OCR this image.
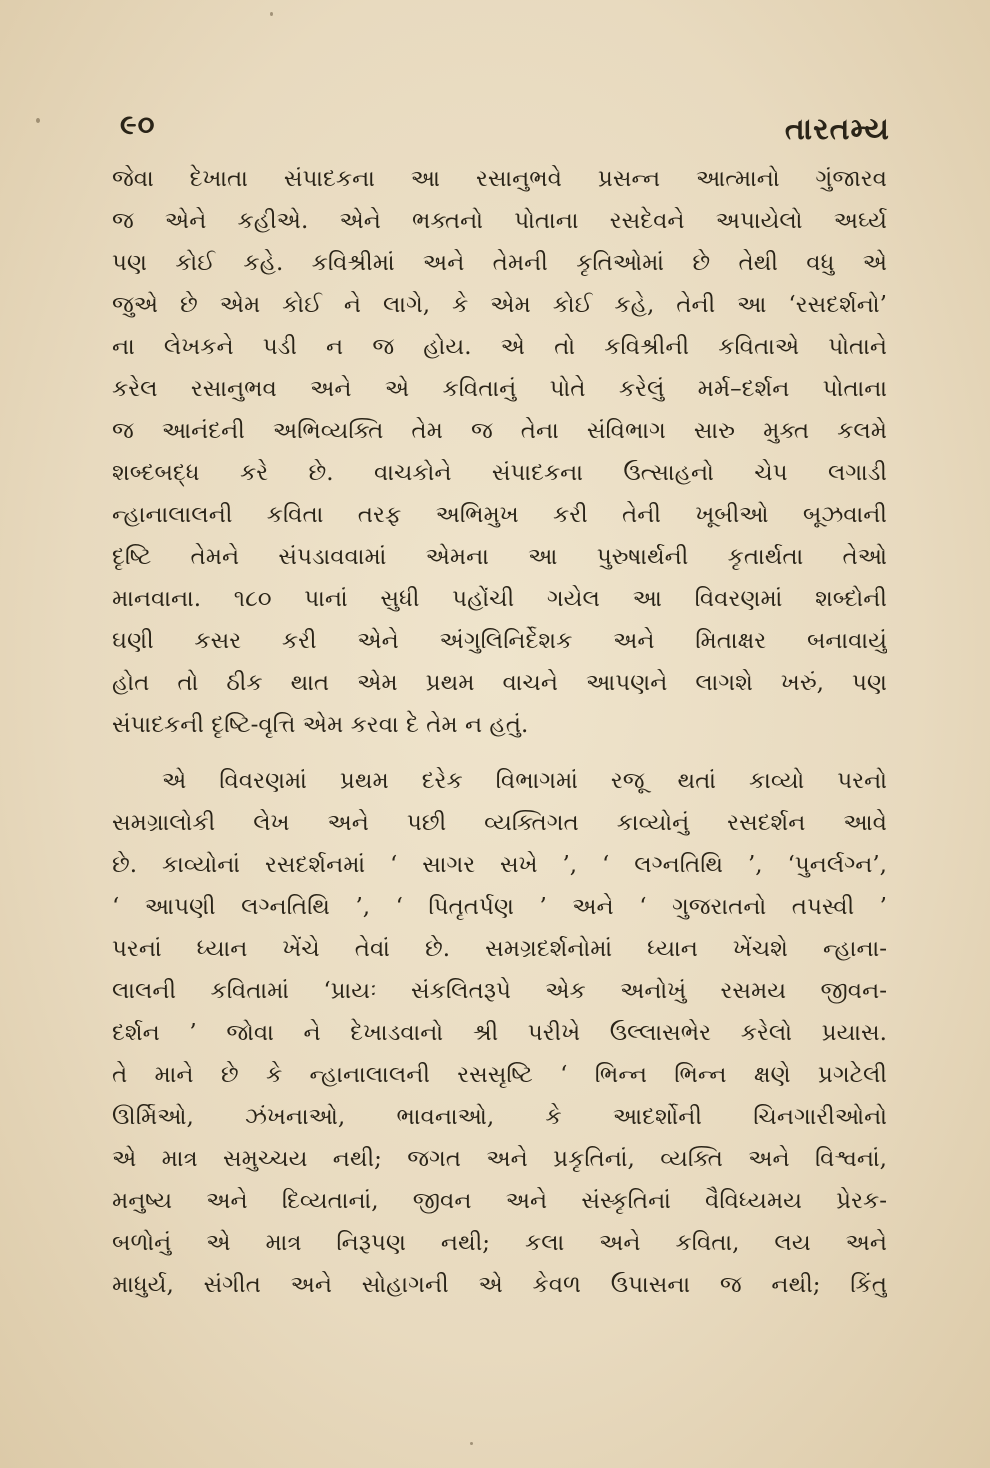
૯૦	તારતમ્ય

જેવા દેખાતા સંપાદકના આ રસાનુભવે પ્રસન્ન આત્માનો ગુંજારવ
જ એને કહીએ. એને ભક્તનો પોતાના રસદેવને અપાયેલો અર્ઘ્ય
પણ કોઈ કહે. કવિશ્રીમાં અને તેમની કૃતિઓમાં છે તેથી વધુ એ
જુએ છે એમ કોઈ ને લાગે, કે એમ કોઈ કહે, તેની આ ‘રસદર્શનો’
ના લેખકને પડી ન જ હોય. એ તો કવિશ્રીની કવિતાએ પોતાને
કરેલ રસાનુભવ અને એ કવિતાનું પોતે કરેલું મર્મ–દર્શન પોતાના
જ આનંદની અભિવ્યક્તિ તેમ જ તેના સંવિભાગ સારુ મુક્ત કલમે
શબ્દબદ્ધ કરે છે. વાચકોને સંપાદકના ઉત્સાહનો ચેપ લગાડી
ન્હાનાલાલની કવિતા તરફ અભિમુખ કરી તેની ખૂબીઓ બૂઝવાની
દૃષ્ટિ તેમને સંપડાવવામાં એમના આ પુરુષાર્થની કૃતાર્થતા તેઓ
માનવાના. ૧૮૦ પાનાં સુધી પહોંચી ગયેલ આ વિવરણમાં શબ્દોની
ઘણી કસર કરી એને અંગુલિનિર્દેશક અને મિતાક્ષર બનાવાયું
હોત તો ઠીક થાત એમ પ્રથમ વાચને આપણને લાગશે ખરું, પણ
સંપાદકની દૃષ્ટિ-વૃત્તિ એમ કરવા દે તેમ ન હતું.

એ વિવરણમાં પ્રથમ દરેક વિભાગમાં રજૂ થતાં કાવ્યો પરનો
સમગ્રાલોકી લેખ અને પછી વ્યક્તિગત કાવ્યોનું રસદર્શન આવે
છે. કાવ્યોનાં રસદર્શનમાં ‘ સાગર સખે ’, ‘ લગ્નતિથિ ’, ‘પુનર્લગ્ન’,
‘ આપણી લગ્નતિથિ ’, ‘ પિતૃતર્પણ ’ અને ‘ ગુજરાતનો તપસ્વી ’
પરનાં ધ્યાન ખેંચે તેવાં છે. સમગ્રદર્શનોમાં ધ્યાન ખેંચશે ન્હાના-
લાલની કવિતામાં ‘પ્રાયઃ સંકલિતરૂપે એક અનોખું રસમય જીવન-
દર્શન ’ જોવા ને દેખાડવાનો શ્રી પરીખે ઉલ્લાસભેર કરેલો પ્રયાસ.
તે માને છે કે ન્હાનાલાલની રસસૃષ્ટિ ‘ ભિન્ન ભિન્ન ક્ષણે પ્રગટેલી
ઊર્મિઓ, ઝંખનાઓ, ભાવનાઓ, કે આદર્શોની ચિનગારીઓનો
એ માત્ર સમુચ્ચય નથી; જગત અને પ્રકૃતિનાં, વ્યક્તિ અને વિશ્વનાં,
મનુષ્ય અને દિવ્યતાનાં, જીવન અને સંસ્કૃતિનાં વૈવિધ્યમય પ્રેરક-
બળોનું એ માત્ર નિરૂપણ નથી; કલા અને કવિતા, લય અને
માધુર્ય, સંગીત અને સોહાગની એ કેવળ ઉપાસના જ નથી; કિંતુ
